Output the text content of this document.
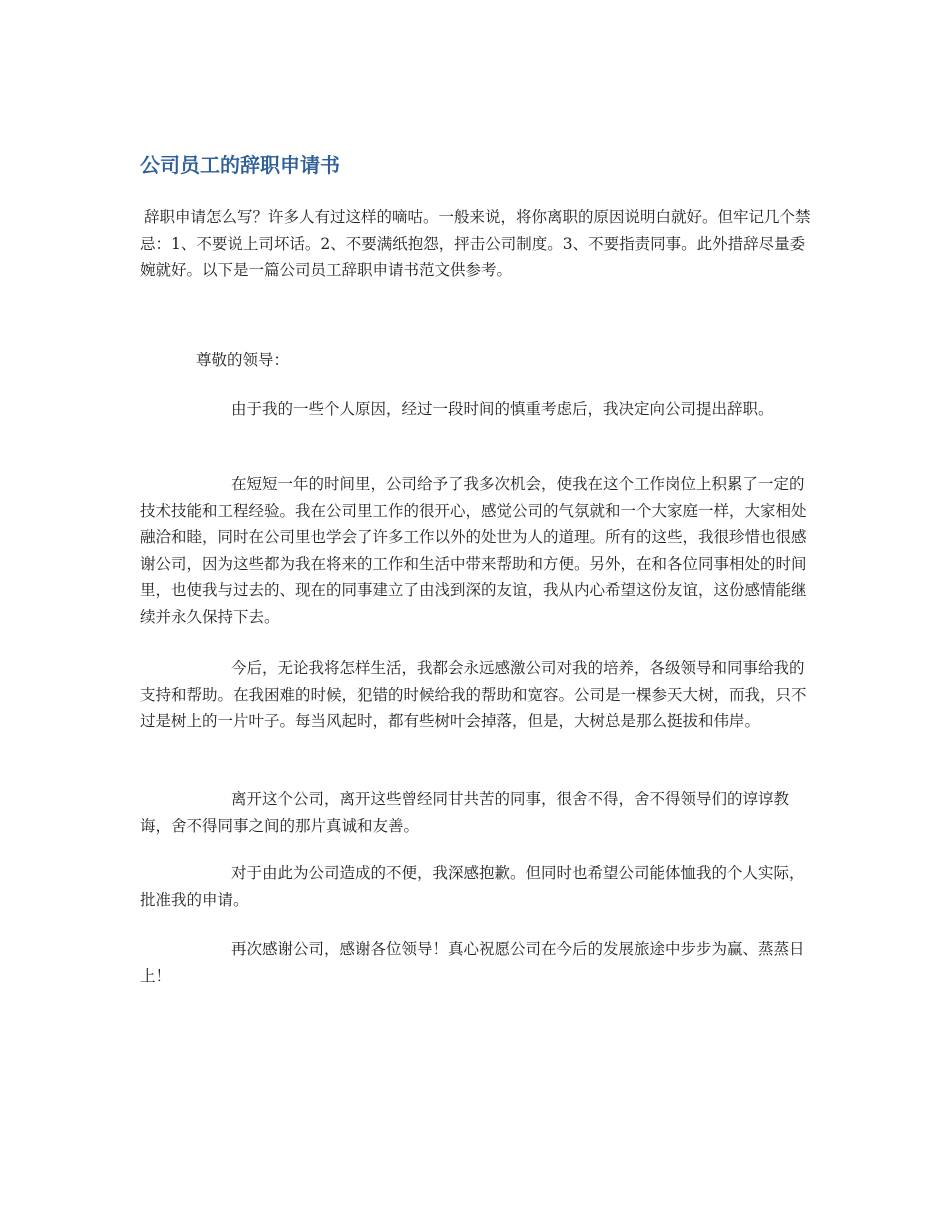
公司员工的辞职申请书

辞职申请怎么写？许多人有过这样的嘀咕。一般来说，将你离职的原因说明白就好。但牢记几个禁忌：1、不要说上司坏话。2、不要满纸抱怨，抨击公司制度。3、不要指责同事。此外措辞尽量委婉就好。以下是一篇公司员工辞职申请书范文供参考。

尊敬的领导：

由于我的一些个人原因，经过一段时间的慎重考虑后，我决定向公司提出辞职。

在短短一年的时间里，公司给予了我多次机会，使我在这个工作岗位上积累了一定的技术技能和工程经验。我在公司里工作的很开心，感觉公司的气氛就和一个大家庭一样，大家相处融洽和睦，同时在公司里也学会了许多工作以外的处世为人的道理。所有的这些，我很珍惜也很感谢公司，因为这些都为我在将来的工作和生活中带来帮助和方便。另外，在和各位同事相处的时间里，也使我与过去的、现在的同事建立了由浅到深的友谊，我从内心希望这份友谊，这份感情能继续并永久保持下去。

今后，无论我将怎样生活，我都会永远感激公司对我的培养，各级领导和同事给我的支持和帮助。在我困难的时候，犯错的时候给我的帮助和宽容。公司是一棵参天大树，而我，只不过是树上的一片叶子。每当风起时，都有些树叶会掉落，但是，大树总是那么挺拔和伟岸。

离开这个公司，离开这些曾经同甘共苦的同事，很舍不得，舍不得领导们的谆谆教诲，舍不得同事之间的那片真诚和友善。

对于由此为公司造成的不便，我深感抱歉。但同时也希望公司能体恤我的个人实际，批准我的申请。

再次感谢公司，感谢各位领导！真心祝愿公司在今后的发展旅途中步步为赢、蒸蒸日上！
